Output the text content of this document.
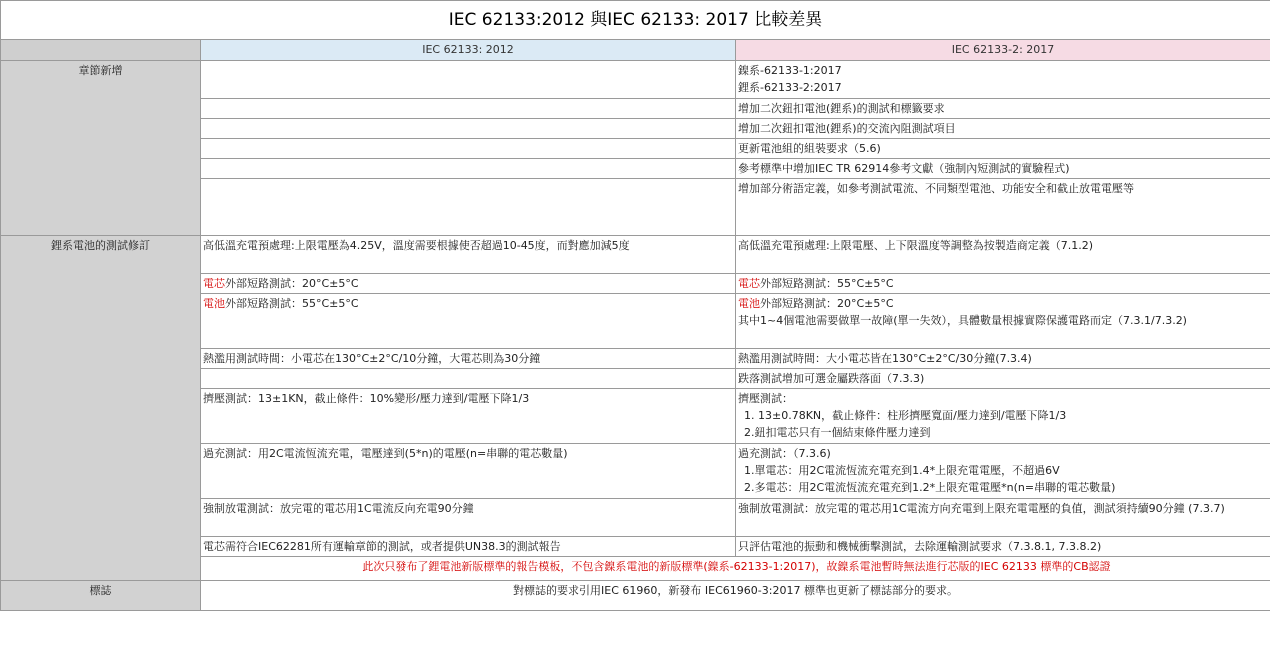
IEC 62133:2012 與IEC 62133: 2017 比較差異		
	IEC 62133: 2012	IEC 62133-2: 2017
章節新增		鎳系-62133-1:2017
鋰系-62133-2:2017

		增加二次鈕扣電池(鋰系)的測試和標籤要求
		增加二次鈕扣電池(鋰系)的交流內阻測試項目
		更新電池組的組裝要求（5.6)
		參考標準中增加IEC TR 62914參考文獻（強制內短測試的實驗程式)
		增加部分術語定義，如參考測試電流、不同類型電池、功能安全和截止放電電壓等
鋰系電池的測試修訂	高低溫充電預處理:上限電壓為4.25V，溫度需要根據使否超過10-45度，而對應加減5度	高低溫充電預處理:上限電壓、上下限溫度等調整為按製造商定義（7.1.2)
	電芯外部短路測試：20°C±5°C	電芯外部短路測試：55°C±5°C
	電池外部短路測試：55°C±5°C	電池外部短路測試：20°C±5°C
其中1~4個電池需要做單一故障(單一失效），具體數量根據實際保護電路而定（7.3.1/7.3.2)

	熱濫用測試時間：小電芯在130°C±2°C/10分鐘，大電芯則為30分鐘	熱濫用測試時間：大小電芯皆在130°C±2°C/30分鐘(7.3.4)
		跌落測試增加可選金屬跌落面（7.3.3)
	擠壓測試：13±1KN，截止條件：10%變形/壓力達到/電壓下降1/3	擠壓測試：
1. 13±0.78KN，截止條件：柱形擠壓寬面/壓力達到/電壓下降1/3
2.鈕扣電芯只有一個結束條件壓力達到

	過充測試：用2C電流恆流充電，電壓達到(5*n)的電壓(n=串聯的電芯數量)	過充測試：（7.3.6)
1.單電芯：用2C電流恆流充電充到1.4*上限充電電壓，不超過6V
2.多電芯：用2C電流恆流充電充到1.2*上限充電電壓*n(n=串聯的電芯數量)

	強制放電測試：放完電的電芯用1C電流反向充電90分鐘	強制放電測試：放完電的電芯用1C電流方向充電到上限充電電壓的負值，測試須持續90分鐘 (7.3.7)
	電芯需符合IEC62281所有運輸章節的測試，或者提供UN38.3的測試報告	只評估電池的振動和機械衝擊測試，去除運輸測試要求（7.3.8.1, 7.3.8.2)
	此次只發布了鋰電池新版標準的報告模板，不包含鎳系電池的新版標準(鎳系-62133-1:2017)，故鎳系電池暫時無法進行芯版的IEC 62133 標準的CB認證	
標誌	對標誌的要求引用IEC 61960，新發布 IEC61960-3:2017 標準也更新了標誌部分的要求。	
